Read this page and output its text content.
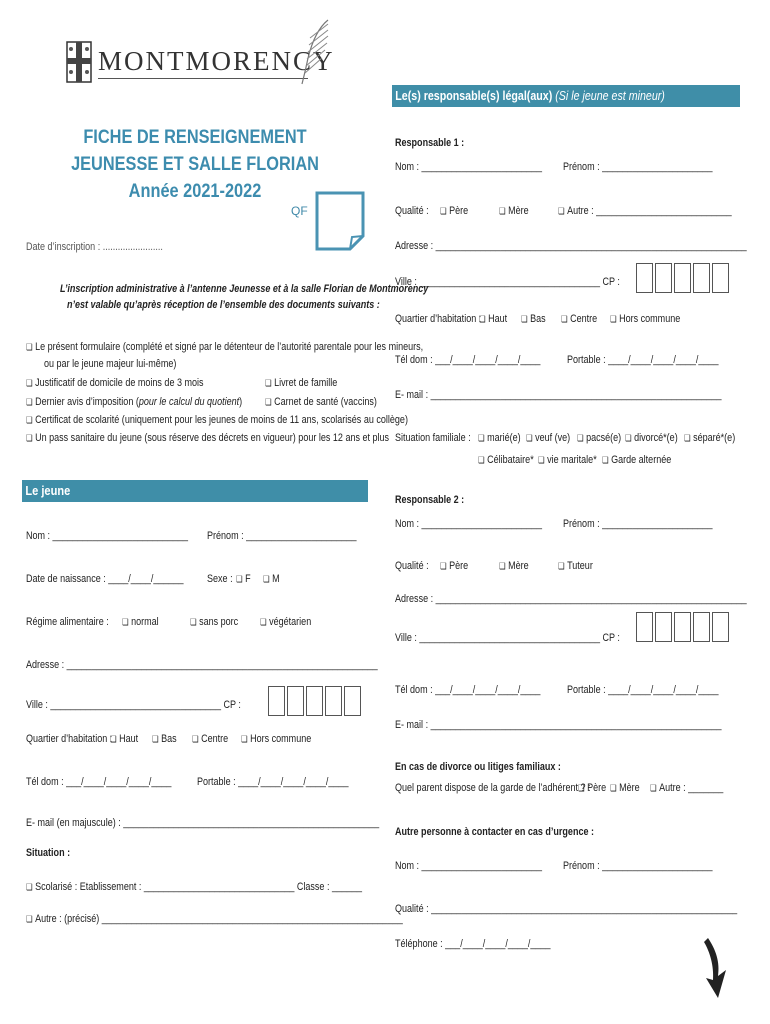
MONTMORENCY
FICHE DE RENSEIGNEMENT
JEUNESSE ET SALLE FLORIAN
Année 2021-2022
QF
Date d’inscription : ........................
L’inscription administrative à l’antenne Jeunesse et à la salle Florian de Montmorency
n’est valable qu’après réception de l’ensemble des documents suivants :
❏ Le présent formulaire (complété et signé par le détenteur de l’autorité parentale pour les mineurs,
ou par le jeune majeur lui-même)
❏ Justificatif de domicile de moins de 3 mois	❏ Livret de famille
❏ Dernier avis d’imposition (pour le calcul du quotient)	❏ Carnet de santé (vaccins)
❏ Certificat de scolarité (uniquement pour les jeunes de moins de 11 ans, scolarisés au collège)
❏ Un pass sanitaire du jeune (sous réserve des décrets en vigueur) pour les 12 ans et plus
Le jeune
Nom : ___________________________ Prénom : ______________________
Date de naissance : ____/____/______ Sexe :	❏ F	❏ M
Régime alimentaire :	❏ normal	❏ sans porc	❏ végétarien
Adresse : ______________________________________________________________
Ville : __________________________________ CP :
Quartier d’habitation : ❏ Haut	❏ Bas	❏ Centre	❏ Hors commune
Tél dom : ___/____/____/____/____ Portable : ____/____/____/____/____
E- mail (en majuscule) : ___________________________________________________
Situation :
❏ Scolarisé : Etablissement : ______________________________ Classe : ______
❏ Autre : (précisé) ____________________________________________________________
Le(s) responsable(s) légal(aux) (Si le jeune est mineur)
Responsable 1 :
Nom : ________________________ Prénom : ______________________
Qualité :	❏ Père	❏ Mère	❏ Autre : ___________________________
Adresse : ______________________________________________________________
Ville : ____________________________________ CP :
Quartier d’habitation : ❏ Haut	❏ Bas	❏ Centre	❏ Hors commune
Tél dom : ___/____/____/____/____ Portable : ____/____/____/____/____
E- mail : __________________________________________________________
Situation familiale :	❏ marié(e)	❏ veuf (ve)	❏ pacsé(e)	❏ divorcé*(e)	❏ séparé*(e)
❏ Célibataire*	❏ vie maritale*	❏ Garde alternée
Responsable 2 :
Nom : ________________________ Prénom : ______________________
Qualité :	❏ Père	❏ Mère	❏ Tuteur
Adresse : ______________________________________________________________
Ville : ____________________________________ CP :
Tél dom : ___/____/____/____/____ Portable : ____/____/____/____/____
E- mail : __________________________________________________________
En cas de divorce ou litiges familiaux :
Quel parent dispose de la garde de l’adhérent ? :
❏ Père	❏ Mère	❏ Autre : _______
Autre personne à contacter en cas d’urgence :
Nom : ________________________ Prénom : ______________________
Qualité : _____________________________________________________________
Téléphone : ___/____/____/____/____
